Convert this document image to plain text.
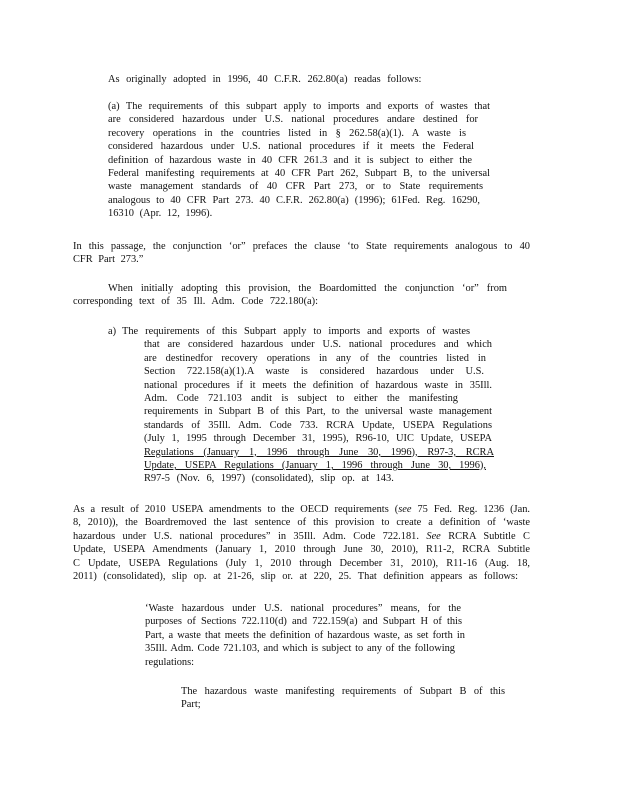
As originally adopted in 1996, 40 C.F.R. 262.80(a) readas follows:

(a) The requirements of this subpart apply to imports and exports of wastes that
are considered hazardous under U.S. national procedures andare destined for
recovery operations in the countries listed in § 262.58(a)(1). A waste is
considered hazardous under U.S. national procedures if it meets the Federal
definition of hazardous waste in 40 CFR 261.3 and it is subject to either the
Federal manifesting requirements at 40 CFR Part 262, Subpart B, to the universal
waste management standards of 40 CFR Part 273, or to State requirements
analogous to 40 CFR Part 273. 40 C.F.R. 262.80(a) (1996); 61Fed. Reg. 16290,
16310 (Apr. 12, 1996).
In this passage, the conjunction ‘or” prefaces the clause ‘to State requirements analogous to 40
CFR Part 273.”
When initially adopting this provision, the Boardomitted the conjunction ‘or” from
corresponding text of 35 Ill. Adm. Code 722.180(a):
a) The requirements of this Subpart apply to imports and exports of wastes
that are considered hazardous under U.S. national procedures and which
are destinedfor recovery operations in any of the countries listed in
Section 722.158(a)(1).A waste is considered hazardous under U.S.
national procedures if it meets the definition of hazardous waste in 35Ill.
Adm. Code 721.103 andit is subject to either the manifesting
requirements in Subpart B of this Part, to the universal waste management
standards of 35Ill. Adm. Code 733. RCRA Update, USEPA Regulations
(July 1, 1995 through December 31, 1995), R96-10, UIC Update, USEPA
Regulations (January 1, 1996 through June 30, 1996), R97-3, RCRA
Update, USEPA Regulations (January 1, 1996 through June 30, 1996),
R97-5 (Nov. 6, 1997) (consolidated), slip op. at 143.
As a result of 2010 USEPA amendments to the OECD requirements (see 75 Fed. Reg. 1236 (Jan.
8, 2010)), the Boardremoved the last sentence of this provision to create a definition of ‘waste
hazardous under U.S. national procedures” in 35Ill. Adm. Code 722.181. See RCRA Subtitle C
Update, USEPA Amendments (January 1, 2010 through June 30, 2010), R11-2, RCRA Subtitle
C Update, USEPA Regulations (July 1, 2010 through December 31, 2010), R11-16 (Aug. 18,
2011) (consolidated), slip op. at 21-26, slip or. at 220, 25. That definition appears as follows:
‘Waste hazardous under U.S. national procedures” means, for the
purposes of Sections 722.110(d) and 722.159(a) and Subpart H of this
Part, a waste that meets the definition of hazardous waste, as set forth in
35Ill. Adm. Code 721.103, and which is subject to any of the following
regulations:
The hazardous waste manifesting requirements of Subpart B of this
Part;
